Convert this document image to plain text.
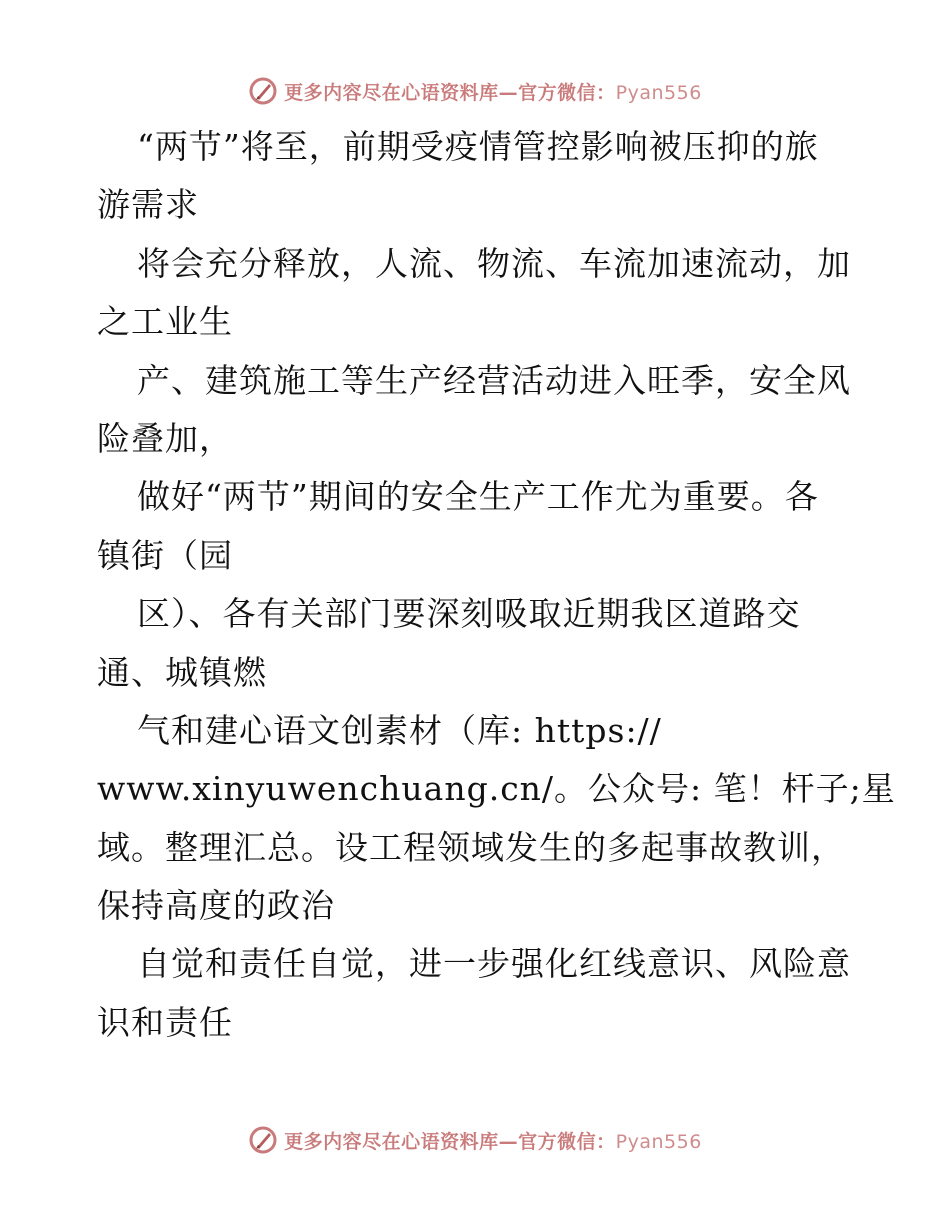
更多内容尽在心语资料库—官方微信：Pyan556
“两节”将至，前期受疫情管控影响被压抑的旅
游需求
将会充分释放，人流、物流、车流加速流动，加
之工业生
产、建筑施工等生产经营活动进入旺季，安全风
险叠加，
做好“两节”期间的安全生产工作尤为重要。各
镇街（园
区）、各有关部门要深刻吸取近期我区道路交
通、城镇燃
气和建心语文创素材（库: https://
www.xinyuwenchuang.cn/。公众号: 笔！杆子;星
域。整理汇总。设工程领域发生的多起事故教训，
保持高度的政治
自觉和责任自觉，进一步强化红线意识、风险意
识和责任
更多内容尽在心语资料库—官方微信：Pyan556
